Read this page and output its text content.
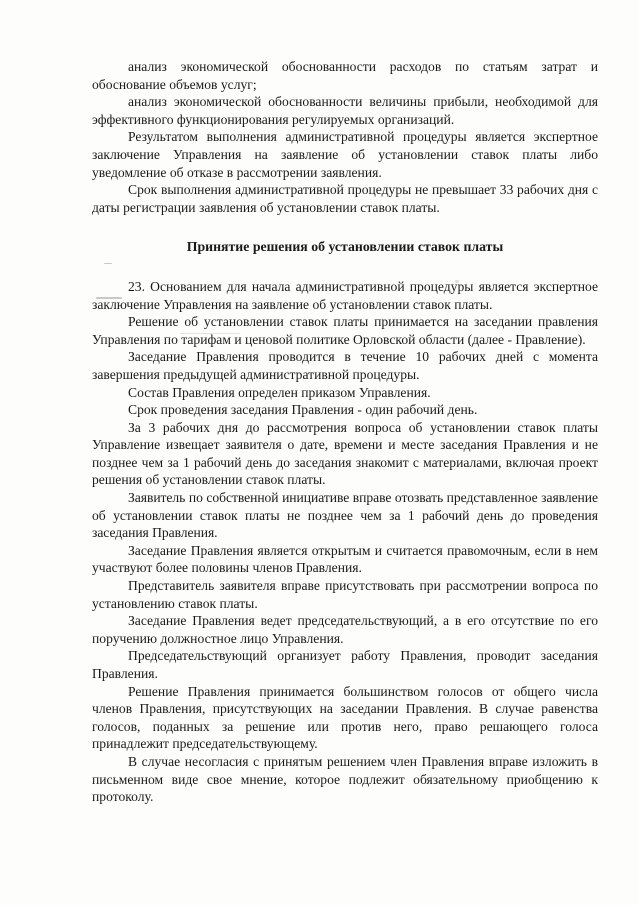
анализ экономической обоснованности расходов по статьям затрат и обоснование объемов услуг;

анализ экономической обоснованности величины прибыли, необходимой для эффективного функционирования регулируемых организаций.

Результатом выполнения административной процедуры является экспертное заключение Управления на заявление об установлении ставок платы либо уведомление об отказе в рассмотрении заявления.

Срок выполнения административной процедуры не превышает 33 рабочих дня с даты регистрации заявления об установлении ставок платы.

Принятие решения об установлении ставок платы

23. Основанием для начала административной процедуры является экспертное заключение Управления на заявление об установлении ставок платы.

Решение об установлении ставок платы принимается на заседании правления Управления по тарифам и ценовой политике Орловской области (далее - Правление).

Заседание Правления проводится в течение 10 рабочих дней с момента завершения предыдущей административной процедуры.

Состав Правления определен приказом Управления.

Срок проведения заседания Правления - один рабочий день.

За 3 рабочих дня до рассмотрения вопроса об установлении ставок платы Управление извещает заявителя о дате, времени и месте заседания Правления и не позднее чем за 1 рабочий день до заседания знакомит с материалами, включая проект решения об установлении ставок платы.

Заявитель по собственной инициативе вправе отозвать представленное заявление об установлении ставок платы не позднее чем за 1 рабочий день до проведения заседания Правления.

Заседание Правления является открытым и считается правомочным, если в нем участвуют более половины членов Правления.

Представитель заявителя вправе присутствовать при рассмотрении вопроса по установлению ставок платы.

Заседание Правления ведет председательствующий, а в его отсутствие по его поручению должностное лицо Управления.

Председательствующий организует работу Правления, проводит заседания Правления.

Решение Правления принимается большинством голосов от общего числа членов Правления, присутствующих на заседании Правления. В случае равенства голосов, поданных за решение или против него, право решающего голоса принадлежит председательствующему.

В случае несогласия с принятым решением член Правления вправе изложить в письменном виде свое мнение, которое подлежит обязательному приобщению к протоколу.
